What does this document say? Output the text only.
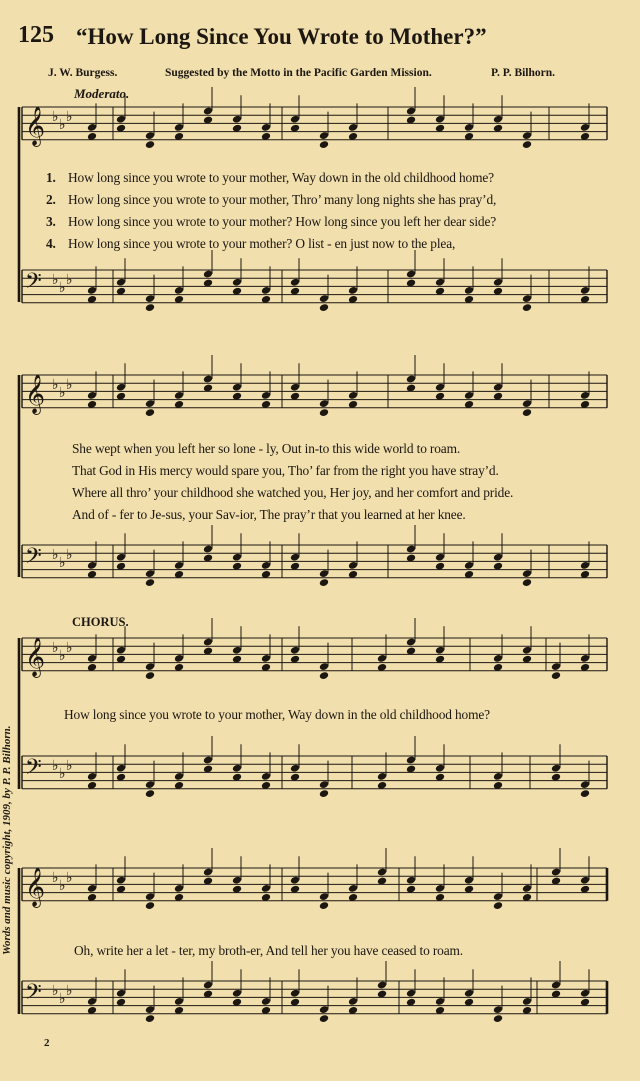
𝄞 ♭ ♭ ♭
𝄢 ♭ ♭ ♭
𝄞 ♭ ♭ ♭
𝄢 ♭ ♭ ♭
𝄞 ♭ ♭ ♭
𝄢 ♭ ♭ ♭
𝄞 ♭ ♭ ♭
𝄢 ♭ ♭ ♭
125 “How Long Since You Wrote to Mother?”
J. W. Burgess.	Suggested by the Motto in the Pacific Garden Mission.	P. P. Bilhorn.
Moderato.
1. How long since you wrote to your mother, Way down in the old childhood home?
2. How long since you wrote to your mother, Thro’ many long nights she has pray’d,
3. How long since you wrote to your mother? How long since you left her dear side?
4. How long since you wrote to your mother? O list - en just now to the plea,
She wept when you left her so lone - ly, Out in-to this wide world to roam.
That God in His mercy would spare you, Tho’ far from the right you have stray’d.
Where all thro’ your childhood she watched you, Her joy, and her comfort and pride.
And of - fer to Je-sus, your Sav-ior, The pray’r that you learned at her knee.
CHORUS.
How long since you wrote to your mother, Way down in the old childhood home?
Oh, write her a let - ter, my broth-er, And tell her you have ceased to roam.
Words and music copyright, 1909, by P. P. Bilhorn.
2
